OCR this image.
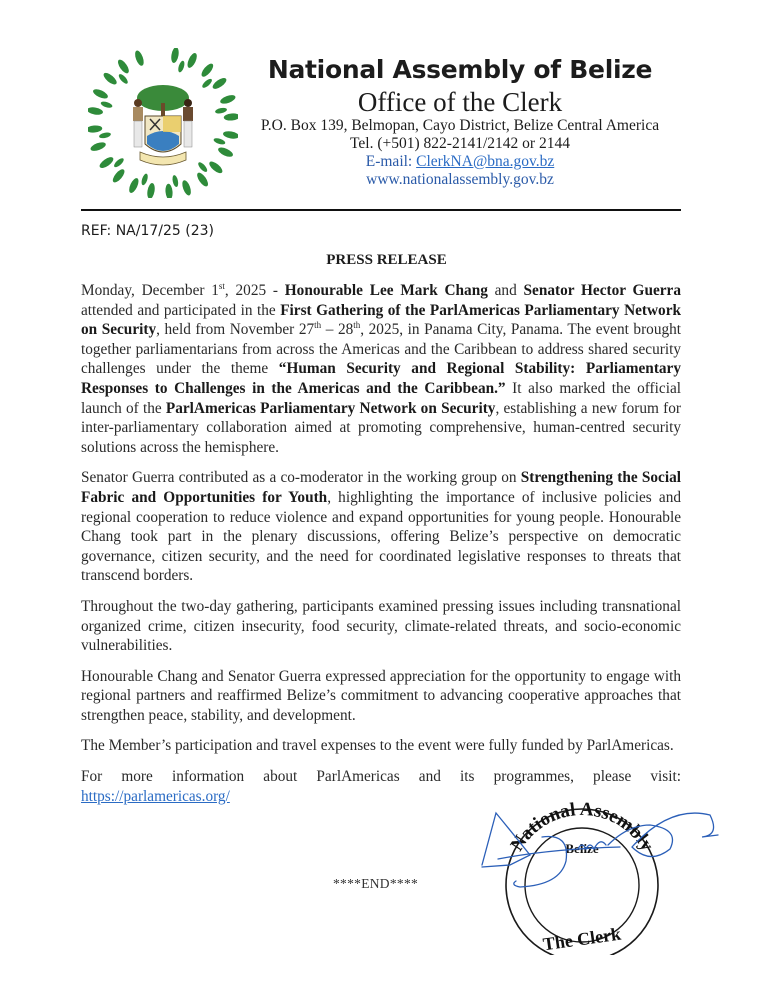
National Assembly of Belize
Office of the Clerk
P.O. Box 139, Belmopan, Cayo District, Belize Central America
Tel. (+501) 822-2141/2142 or 2144
E-mail: ClerkNA@bna.gov.bz
www.nationalassembly.gov.bz
REF: NA/17/25 (23)
PRESS RELEASE

Monday, December 1st, 2025 - Honourable Lee Mark Chang and Senator Hector Guerra attended and participated in the First Gathering of the ParlAmericas Parliamentary Network on Security, held from November 27th – 28th, 2025, in Panama City, Panama. The event brought together parliamentarians from across the Americas and the Caribbean to address shared security challenges under the theme “Human Security and Regional Stability: Parliamentary Responses to Challenges in the Americas and the Caribbean.” It also marked the official launch of the ParlAmericas Parliamentary Network on Security, establishing a new forum for inter-parliamentary collaboration aimed at promoting comprehensive, human-centred security solutions across the hemisphere.

Senator Guerra contributed as a co-moderator in the working group on Strengthening the Social Fabric and Opportunities for Youth, highlighting the importance of inclusive policies and regional cooperation to reduce violence and expand opportunities for young people. Honourable Chang took part in the plenary discussions, offering Belize’s perspective on democratic governance, citizen security, and the need for coordinated legislative responses to threats that transcend borders.

Throughout the two-day gathering, participants examined pressing issues including transnational organized crime, citizen insecurity, food security, climate-related threats, and socio-economic vulnerabilities.

Honourable Chang and Senator Guerra expressed appreciation for the opportunity to engage with regional partners and reaffirmed Belize’s commitment to advancing cooperative approaches that strengthen peace, stability, and development.

The Member’s participation and travel expenses to the event were fully funded by ParlAmericas.

For more information about ParlAmericas and its programmes, please visit: https://parlamericas.org/

****END****
National Assembly
Belize
The Clerk
